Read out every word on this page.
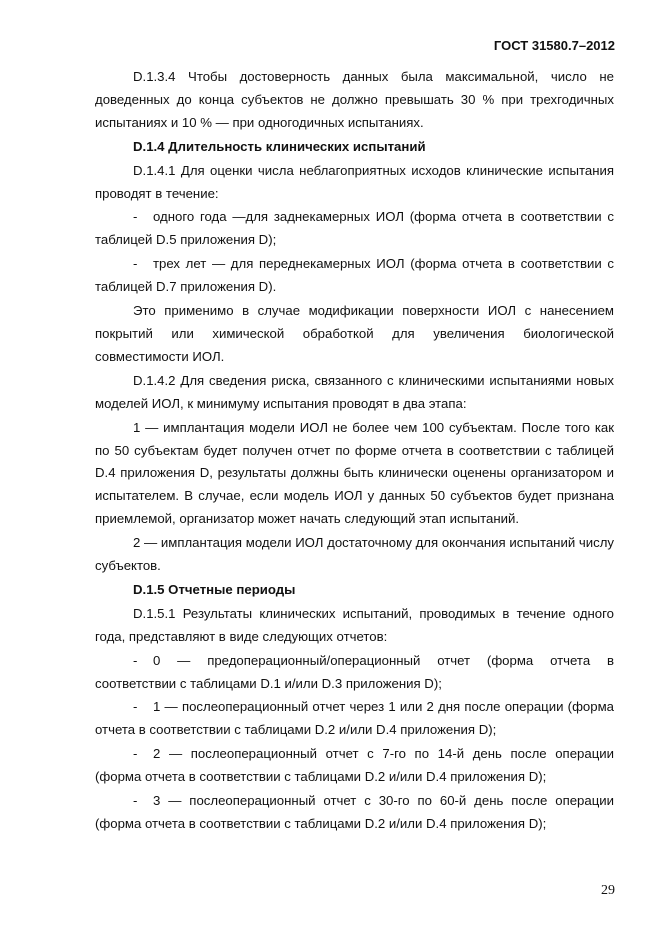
ГОСТ 31580.7–2012

D.1.3.4 Чтобы достоверность данных была максимальной, число не доведенных до конца субъектов не должно превышать 30 % при трехгодичных испытаниях и 10 % — при одногодичных испытаниях.

D.1.4 Длительность клинических испытаний

D.1.4.1 Для оценки числа неблагоприятных исходов клинические испытания проводят в течение:

- одного года —для заднекамерных ИОЛ (форма отчета в соответствии с таблицей D.5 приложения D);

- трех лет — для переднекамерных ИОЛ (форма отчета в соответствии с таблицей D.7 приложения D).

Это применимо в случае модификации поверхности ИОЛ с нанесением покрытий или химической обработкой для увеличения биологической совместимости ИОЛ.

D.1.4.2 Для сведения риска, связанного с клиническими испытаниями новых моделей ИОЛ, к минимуму испытания проводят в два этапа:

1 — имплантация модели ИОЛ не более чем 100 субъектам. После того как по 50 субъектам будет получен отчет по форме отчета в соответствии с таблицей D.4 приложения D, результаты должны быть клинически оценены организатором и испытателем. В случае, если модель ИОЛ у данных 50 субъектов будет признана приемлемой, организатор может начать следующий этап испытаний.

2 — имплантация модели ИОЛ достаточному для окончания испытаний числу субъектов.

D.1.5 Отчетные периоды

D.1.5.1 Результаты клинических испытаний, проводимых в течение одного года, представляют в виде следующих отчетов:

- 0 — предоперационный/операционный отчет (форма отчета в соответствии с таблицами D.1 и/или D.3 приложения D);

- 1 — послеоперационный отчет через 1 или 2 дня после операции (форма отчета в соответствии с таблицами D.2 и/или D.4 приложения D);

- 2 — послеоперационный отчет с 7-го по 14-й день после операции (форма отчета в соответствии с таблицами D.2 и/или D.4 приложения D);

- 3 — послеоперационный отчет с 30-го по 60-й день после операции (форма отчета в соответствии с таблицами D.2 и/или D.4 приложения D);

29
